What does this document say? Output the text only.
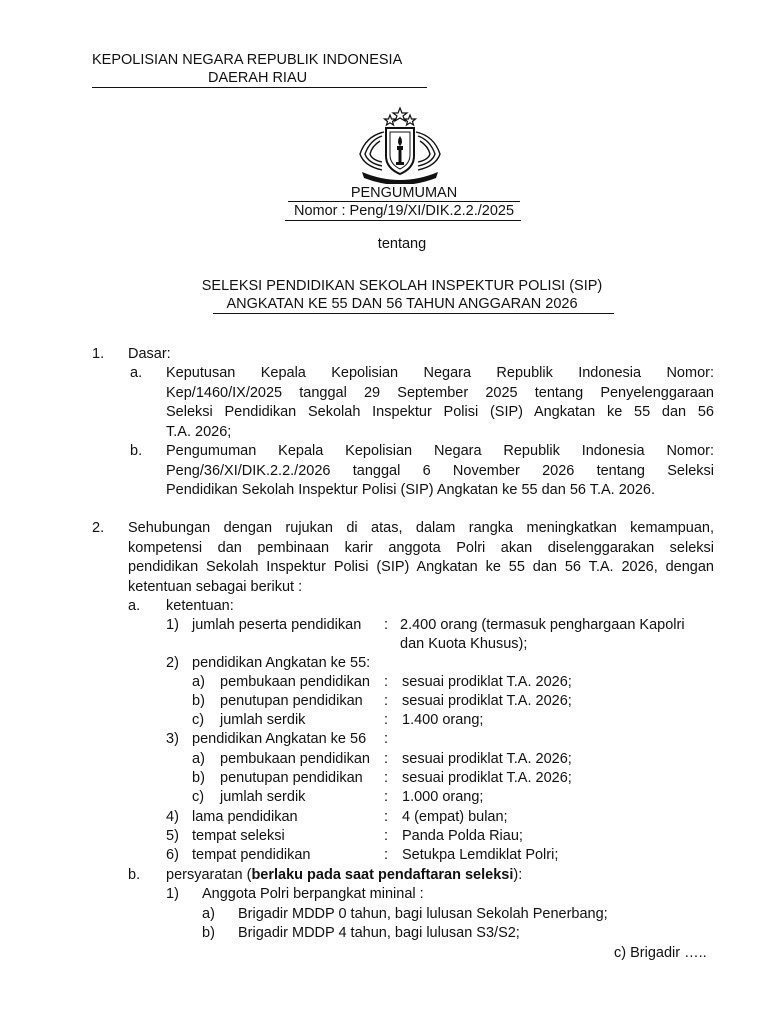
KEPOLISIAN NEGARA REPUBLIK INDONESIA
DAERAH RIAU
PENGUMUMAN
Nomor : Peng/19/XI/DIK.2.2./2025
tentang
SELEKSI PENDIDIKAN SEKOLAH INSPEKTUR POLISI (SIP)
ANGKATAN KE 55 DAN 56 TAHUN ANGGARAN 2026
1. Dasar:
a. Keputusan Kepala Kepolisian Negara Republik Indonesia Nomor:
Kep/1460/IX/2025 tanggal 29 September 2025 tentang Penyelenggaraan
Seleksi Pendidikan Sekolah Inspektur Polisi (SIP) Angkatan ke 55 dan 56
T.A. 2026;
b. Pengumuman Kepala Kepolisian Negara Republik Indonesia Nomor:
Peng/36/XI/DIK.2.2./2026 tanggal 6 November 2026 tentang Seleksi
Pendidikan Sekolah Inspektur Polisi (SIP) Angkatan ke 55 dan 56 T.A. 2026.
2. Sehubungan dengan rujukan di atas, dalam rangka meningkatkan kemampuan,
kompetensi dan pembinaan karir anggota Polri akan diselenggarakan seleksi
pendidikan Sekolah Inspektur Polisi (SIP) Angkatan ke 55 dan 56 T.A. 2026, dengan
ketentuan sebagai berikut :
a. ketentuan:
1) jumlah peserta pendidikan : 2.400 orang (termasuk penghargaan Kapolri
dan Kuota Khusus);
2) pendidikan Angkatan ke 55:
a) pembukaan pendidikan : sesuai prodiklat T.A. 2026;
b) penutupan pendidikan : sesuai prodiklat T.A. 2026;
c) jumlah serdik	: 1.400 orang;
3) pendidikan Angkatan ke 56 :
a) pembukaan pendidikan : sesuai prodiklat T.A. 2026;
b) penutupan pendidikan : sesuai prodiklat T.A. 2026;
c) jumlah serdik	: 1.000 orang;
4) lama pendidikan	: 4 (empat) bulan;
5) tempat seleksi	: Panda Polda Riau;
6) tempat pendidikan	: Setukpa Lemdiklat Polri;
b. persyaratan (berlaku pada saat pendaftaran seleksi):
1) Anggota Polri berpangkat mininal :
a) Brigadir MDDP 0 tahun, bagi lulusan Sekolah Penerbang;
b) Brigadir MDDP 4 tahun, bagi lulusan S3/S2;
c) Brigadir …..
